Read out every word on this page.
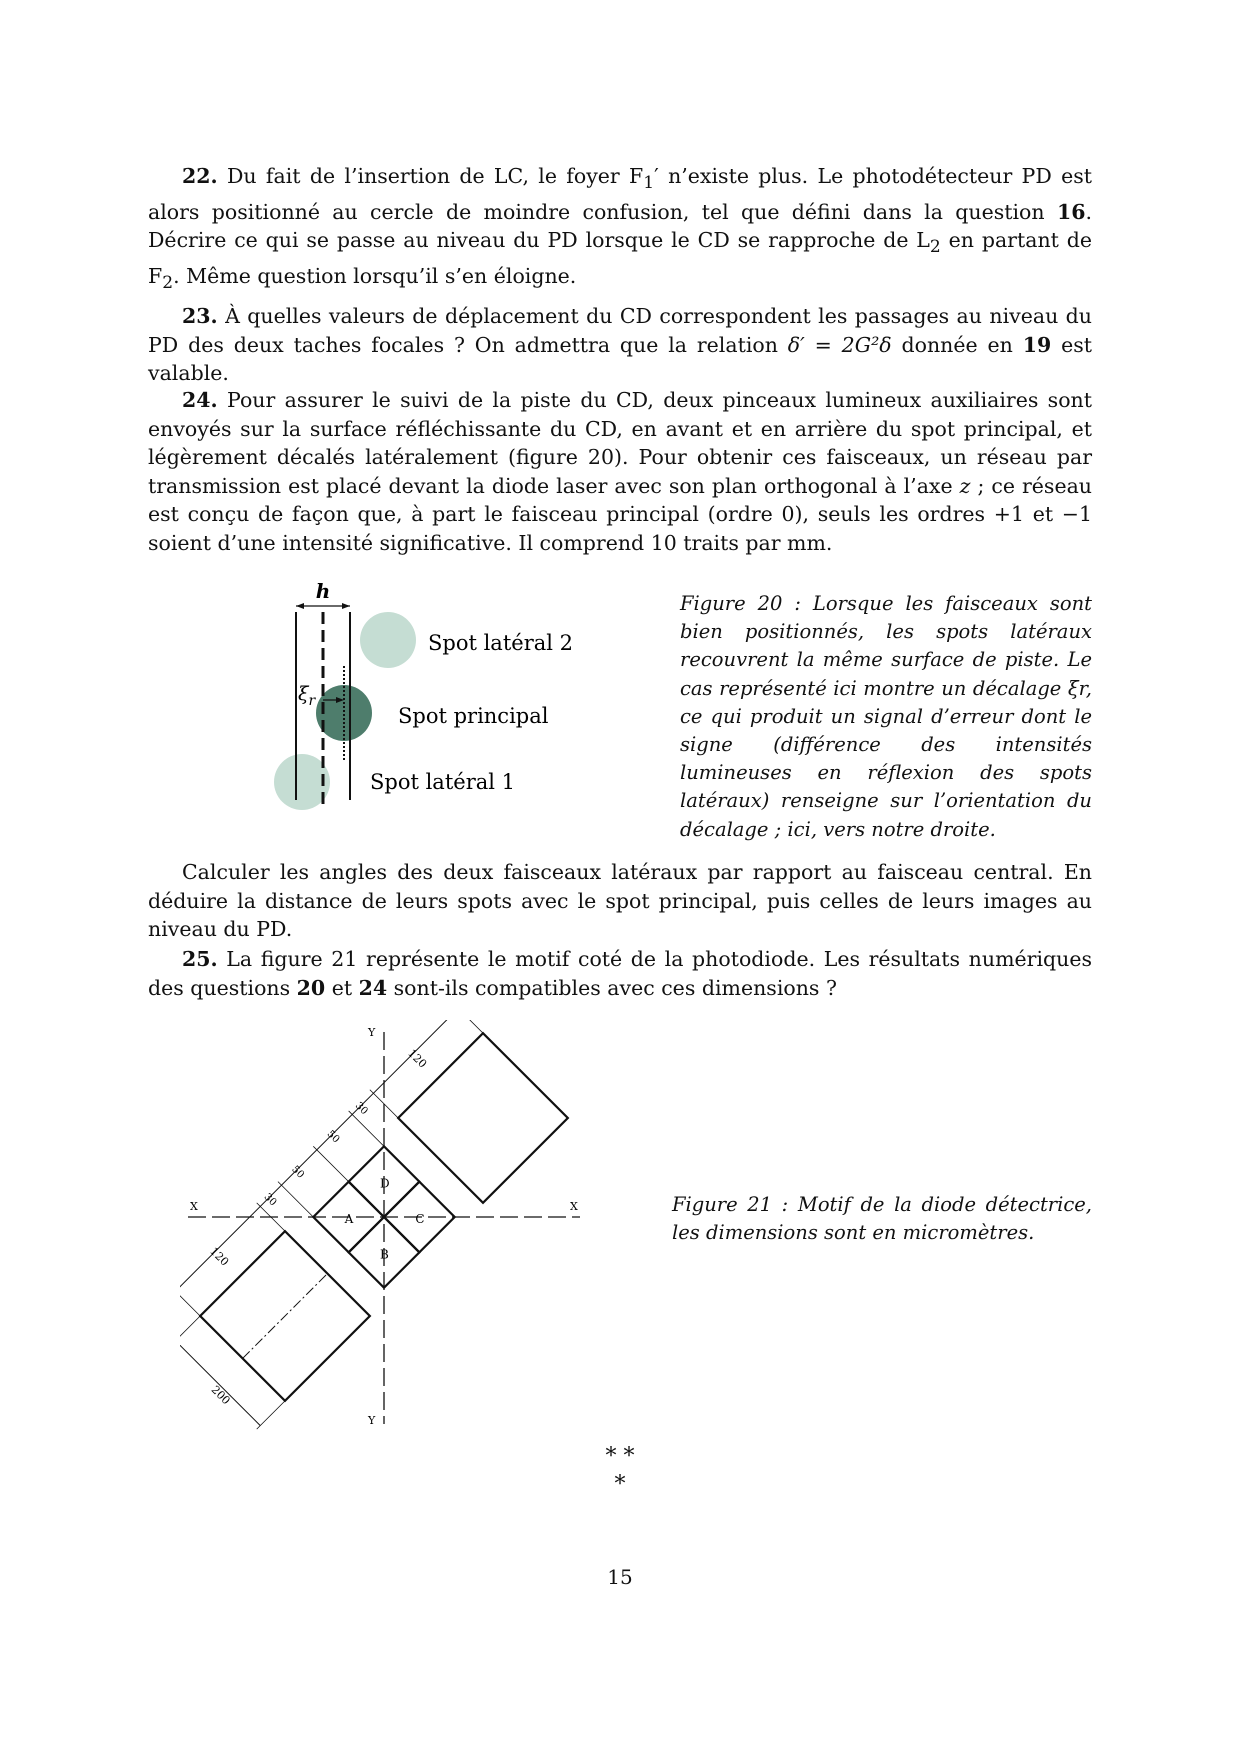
22. Du fait de l’insertion de LC, le foyer $F_1'$ n’existe plus. Le photodétecteur PD est alors positionné au cercle de moindre confusion, tel que défini dans la question 16. Décrire ce qui se passe au niveau du PD lorsque le CD se rapproche de $L_2$ en partant de $F_2$. Même question lorsqu’il s’en éloigne.
23. À quelles valeurs de déplacement du CD correspondent les passages au niveau du PD des deux taches focales ? On admettra que la relation δ′ = 2G²δ donnée en 19 est valable.
24. Pour assurer le suivi de la piste du CD, deux pinceaux lumineux auxiliaires sont envoyés sur la surface réfléchissante du CD, en avant et en arrière du spot principal, et légèrement décalés latéralement (figure 20). Pour obtenir ces faisceaux, un réseau par transmission est placé devant la diode laser avec son plan orthogonal à l’axe z ; ce réseau est conçu de façon que, à part le faisceau principal (ordre 0), seuls les ordres +1 et −1 soient d’une intensité significative. Il comprend 10 traits par mm.
h
$\xi_r$
Spot latéral 2
Spot principal
Spot latéral 1
Figure 20 : Lorsque les faisceaux sont bien positionnés, les spots latéraux recouvrent la même surface de piste. Le cas représenté ici montre un décalage ξr, ce qui produit un signal d’erreur dont le signe (différence des intensités lumineuses en réflexion des spots latéraux) renseigne sur l’orientation du décalage ; ici, vers notre droite.
Calculer les angles des deux faisceaux latéraux par rapport au faisceau central. En déduire la distance de leurs spots avec le spot principal, puis celles de leurs images au niveau du PD.
25. La figure 21 représente le motif coté de la photodiode. Les résultats numériques des questions 20 et 24 sont-ils compatibles avec ces dimensions ?
Y
Y
X	X
200
120
30
50
50
30
120
A
D
C
B
Figure 21 : Motif de la diode détectrice, les dimensions sont en micromètres.
* *
*
15
